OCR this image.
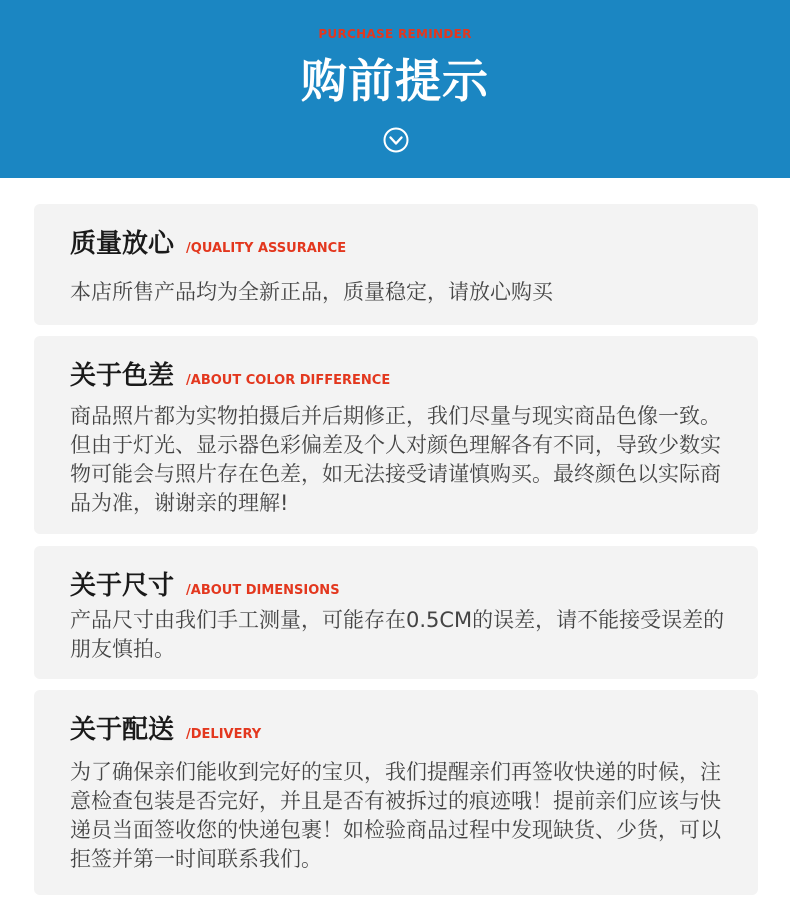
PURCHASE REMINDER
购前提示
质量放心 /QUALITY ASSURANCE

本店所售产品均为全新正品，质量稳定，请放心购买

关于色差 /ABOUT COLOR DIFFERENCE

商品照片都为实物拍摄后并后期修正，我们尽量与现实商品色像一致。但由于灯光、显示器色彩偏差及个人对颜色理解各有不同，导致少数实物可能会与照片存在色差，如无法接受请谨慎购买。最终颜色以实际商品为准，谢谢亲的理解!

关于尺寸 /ABOUT DIMENSIONS

产品尺寸由我们手工测量，可能存在0.5CM的误差，请不能接受误差的朋友慎拍。

关于配送 /DELIVERY

为了确保亲们能收到完好的宝贝，我们提醒亲们再签收快递的时候，注意检查包装是否完好，并且是否有被拆过的痕迹哦！提前亲们应该与快递员当面签收您的快递包裹！如检验商品过程中发现缺货、少货，可以拒签并第一时间联系我们。
